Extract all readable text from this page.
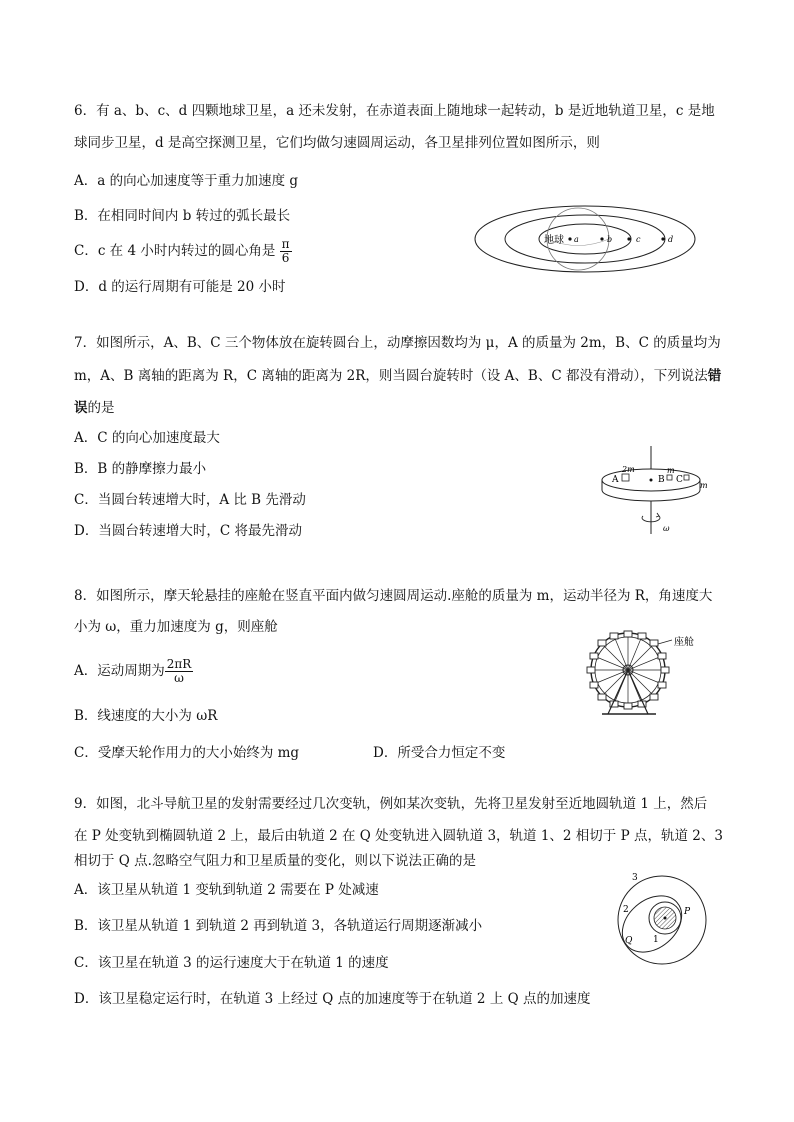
6．有 a、b、c、d 四颗地球卫星，a 还未发射，在赤道表面上随地球一起转动，b 是近地轨道卫星，c 是地
球同步卫星，d 是高空探测卫星，它们均做匀速圆周运动，各卫星排列位置如图所示，则
A．a 的向心加速度等于重力加速度 g
B．在相同时间内 b 转过的弧长最长
C．c 在 4 小时内转过的圆心角是 $\frac{\pi}{6}$
D．d 的运行周期有可能是 20 小时
地球 a	b	c	d
7．如图所示，A、B、C 三个物体放在旋转圆台上，动摩擦因数均为 μ，A 的质量为 2m，B、C 的质量均为
m，A、B 离轴的距离为 R，C 离轴的距离为 2R，则当圆台旋转时（设 A、B、C 都没有滑动），下列说法错
误的是
A．C 的向心加速度最大
B．B 的静摩擦力最小
C．当圆台转速增大时，A 比 B 先滑动
D．当圆台转速增大时，C 将最先滑动
A
2m
B
m
C
m
ω
8．如图所示，摩天轮悬挂的座舱在竖直平面内做匀速圆周运动.座舱的质量为 m，运动半径为 R，角速度大
小为 ω，重力加速度为 g，则座舱
A．运动周期为 $\frac{2\pi R}{\omega}$
B．线速度的大小为 ωR
C．受摩天轮作用力的大小始终为 mg	D．所受合力恒定不变
座舱
9．如图，北斗导航卫星的发射需要经过几次变轨，例如某次变轨，先将卫星发射至近地圆轨道 1 上，然后
在 P 处变轨到椭圆轨道 2 上，最后由轨道 2 在 Q 处变轨进入圆轨道 3，轨道 1、2 相切于 P 点，轨道 2、3
相切于 Q 点.忽略空气阻力和卫星质量的变化，则以下说法正确的是
A．该卫星从轨道 1 变轨到轨道 2 需要在 P 处减速
B．该卫星从轨道 1 到轨道 2 再到轨道 3，各轨道运行周期逐渐减小
C．该卫星在轨道 3 的运行速度大于在轨道 1 的速度
D．该卫星稳定运行时，在轨道 3 上经过 Q 点的加速度等于在轨道 2 上 Q 点的加速度
3
2
1
P
Q
